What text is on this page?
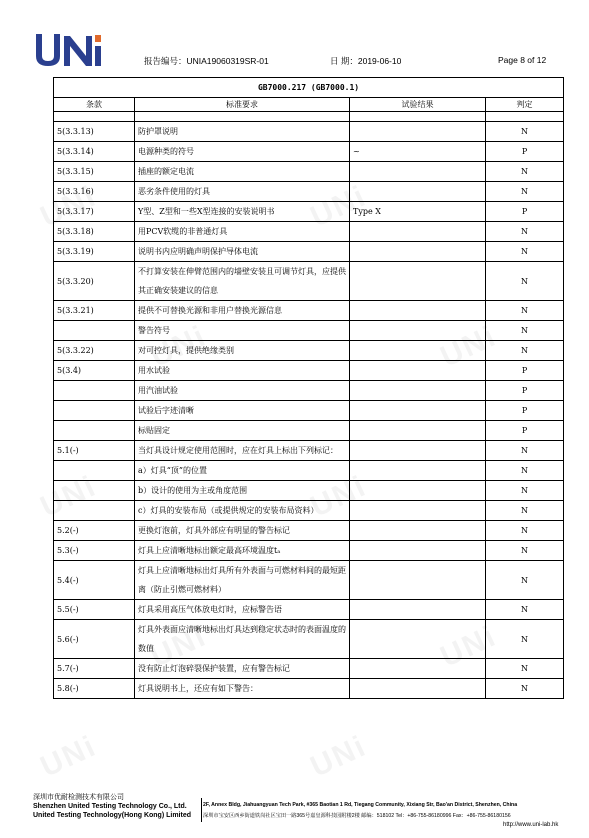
报告编号：UNIA19060319SR-01	日 期：2019-06-10	Page 8 of 12
GB7000.217 (GB7000.1)			
条款	标准要求	试验结果	判定

5(3.3.13)	防护罩说明		N
5(3.3.14)	电源种类的符号	~	P
5(3.3.15)	插座的额定电流		N
5(3.3.16)	恶劣条件使用的灯具		N
5(3.3.17)	Y型、Z型和一些X型连接的安装说明书	Type X	P
5(3.3.18)	用PCV软缆的非普通灯具		N
5(3.3.19)	说明书内应明确声明保护导体电流		N
5(3.3.20)	不打算安装在伸臂范围内的墙壁安装且可调节灯具，应提供其正确安装建议的信息		N
5(3.3.21)	提供不可替换光源和非用户替换光源信息		N
	警告符号		N
5(3.3.22)	对可控灯具，提供绝缘类别		N
5(3.4)	用水试验		P
	用汽油试验		P
	试验后字迹清晰		P
	标贴固定		P
5.1(-)	当灯具设计规定使用范围时，应在灯具上标出下列标记：		N
	a）灯具“顶”的位置		N
	b）设计的使用为主或角度范围		N
	c）灯具的安装布局（或提供规定的安装布局资料）		N
5.2(-)	更换灯泡前，灯具外部应有明显的警告标记		N
5.3(-)	灯具上应清晰地标出额定最高环境温度tₐ		N
5.4(-)	灯具上应清晰地标出灯具所有外表面与可燃材料间的最短距离（防止引燃可燃材料）		N
5.5(-)	灯具采用高压气体放电灯时，应标警告语		N
5.6(-)	灯具外表面应清晰地标出灯具达到稳定状态时的表面温度的数值		N
5.7(-)	没有防止灯泡碎裂保护装置，应有警告标记		N
5.8(-)	灯具说明书上，还应有如下警告：		N
深圳市优耐检测技术有限公司
Shenzhen United Testing Technology Co., Ltd.
United Testing Technology(Hong Kong) Limited
2F, Annex Bldg, Jiahuangyuan Tech Park, #365 Baotian 1 Rd, Tiegang Community, Xixiang Str, Bao'an District, Shenzhen, China
深圳市宝安区西乡街道铁岗社区宝田一路365号嘉皇源科技园附楼2楼 邮编：518102 Tel：+86-755-86180996 Fax：+86-755-86180156
http://www.uni-lab.hk
